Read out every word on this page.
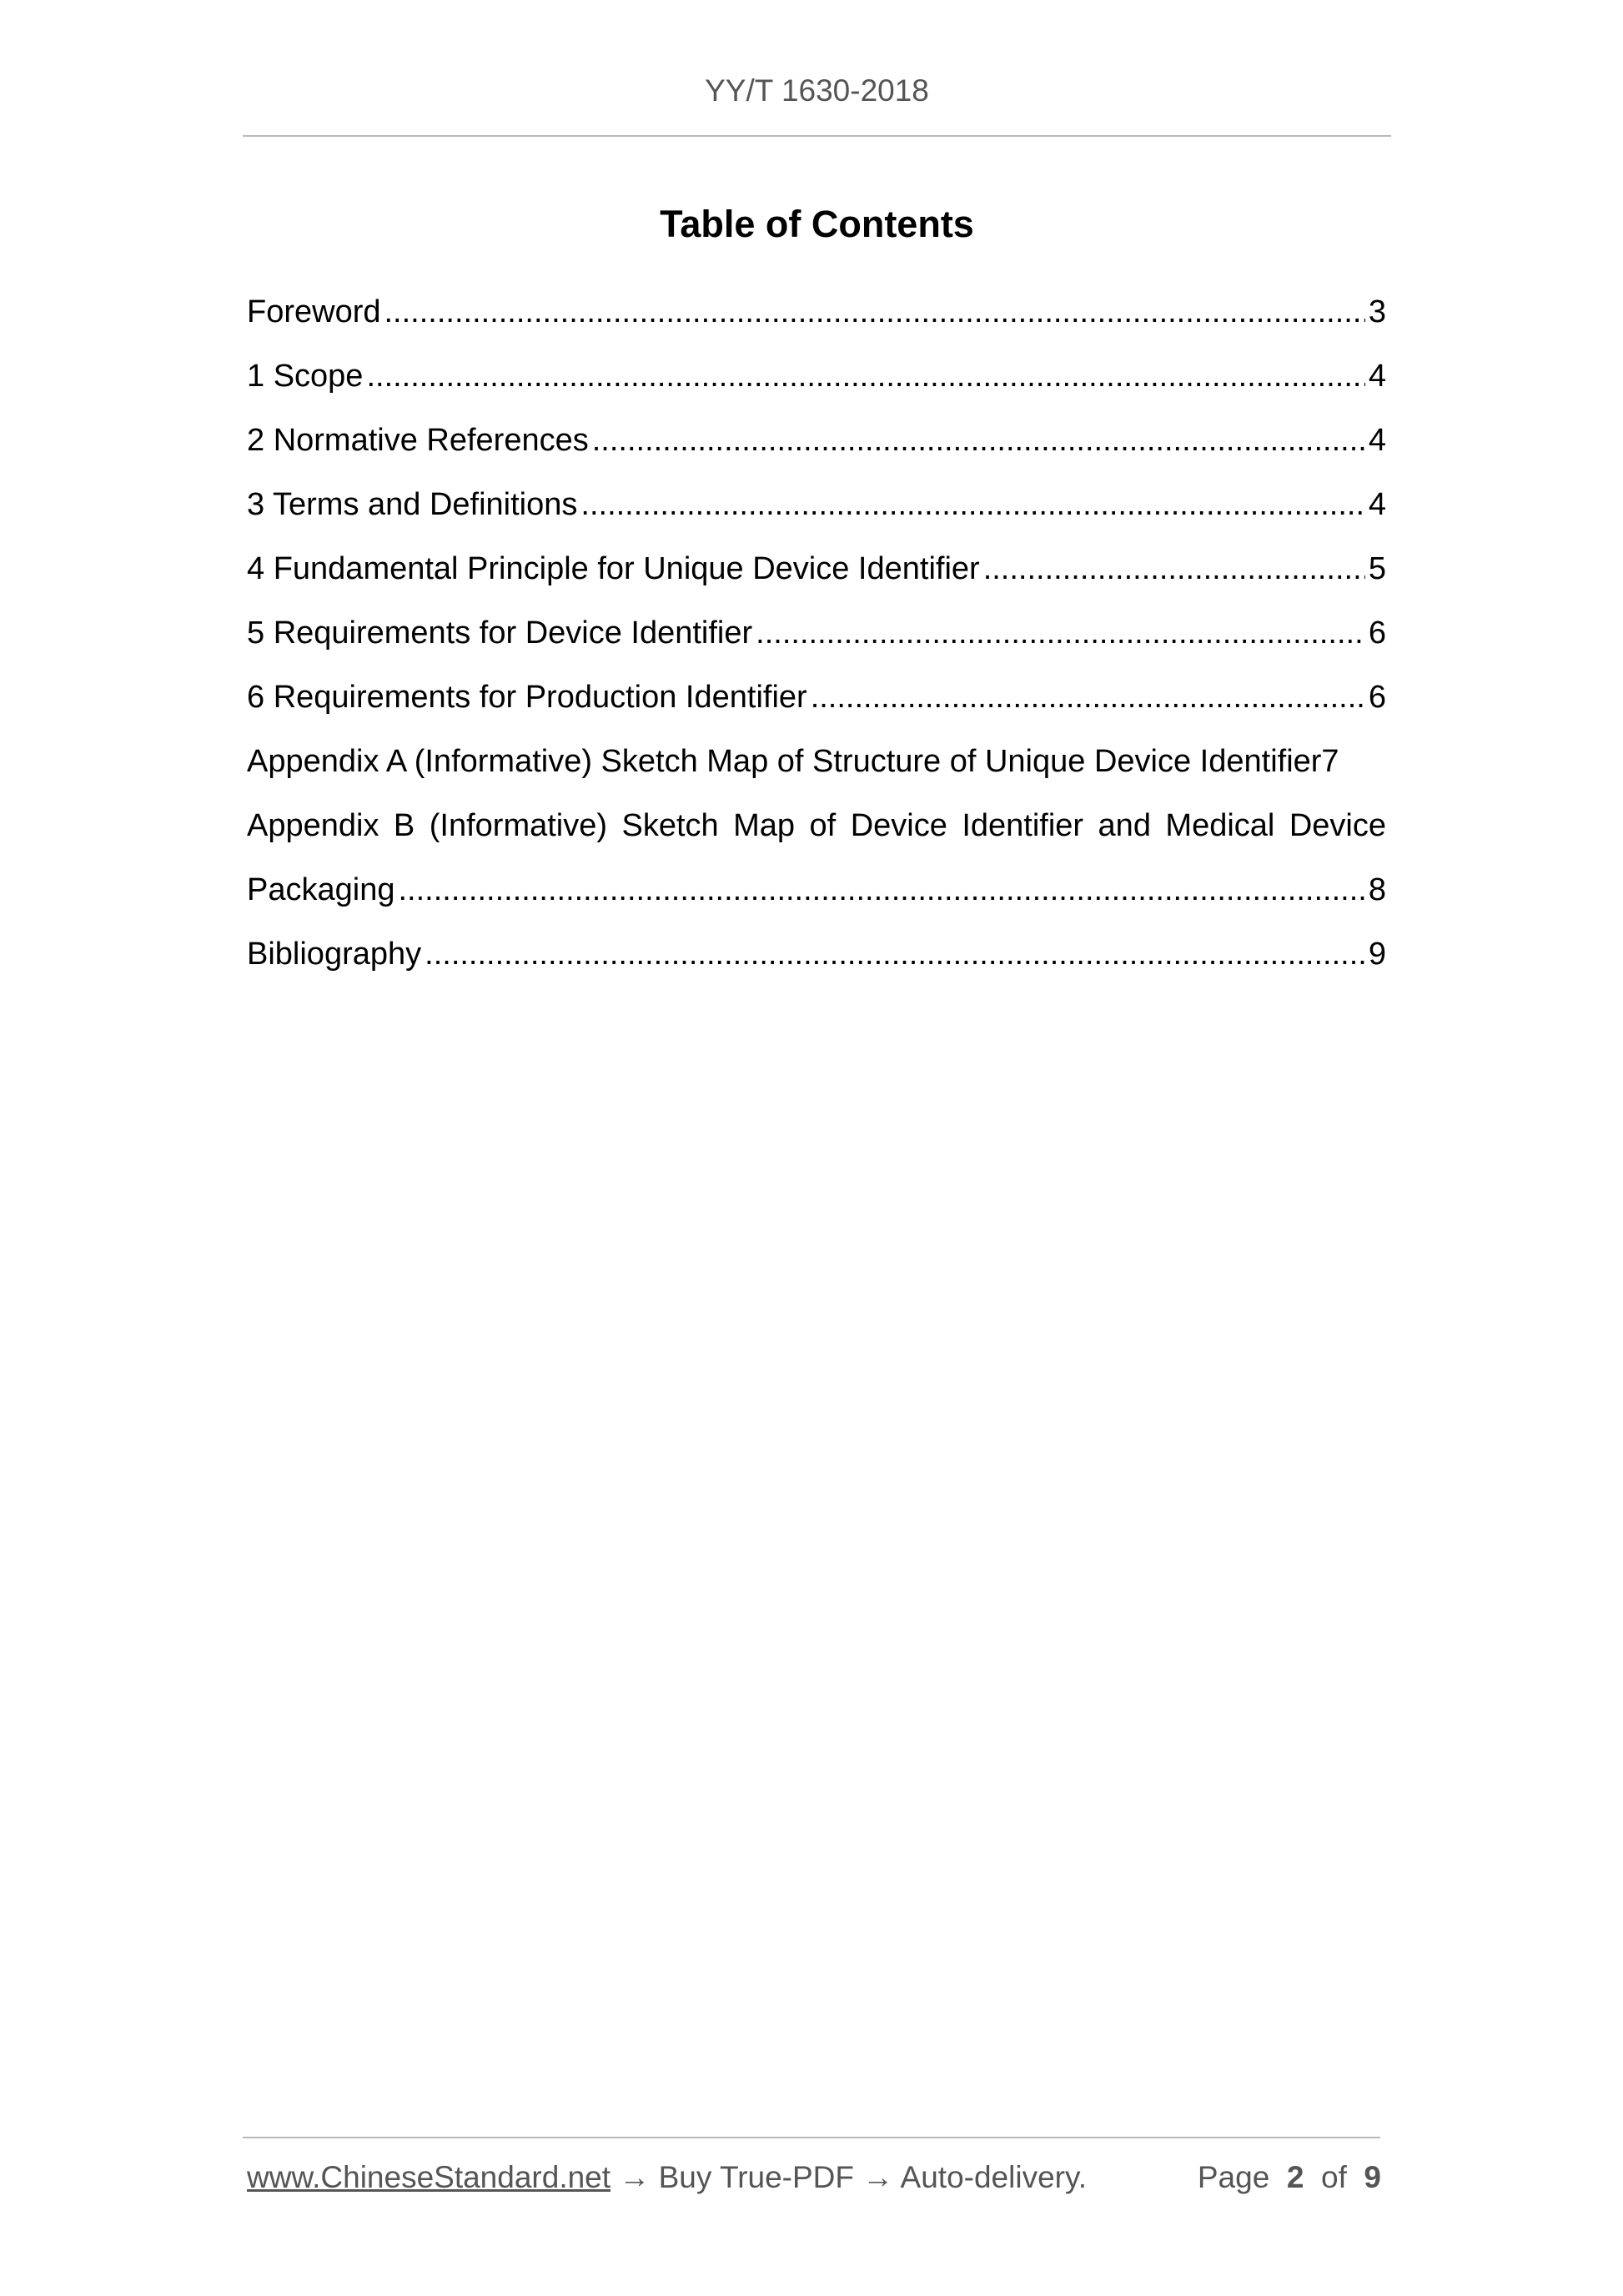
YY/T 1630-2018
Table of Contents
Foreword .....	3
1 Scope .....	4
2 Normative References .....	4
3 Terms and Definitions .....	4
4 Fundamental Principle for Unique Device Identifier .....	5
5 Requirements for Device Identifier .....	6
6 Requirements for Production Identifier .....	6
Appendix A (Informative) Sketch Map of Structure of Unique Device Identifier 7
Appendix B (Informative) Sketch Map of Device Identifier and Medical Device
Packaging .....	8
Bibliography .....	9
www.ChineseStandard.net → Buy True-PDF → Auto-delivery.	Page 2 of 9
